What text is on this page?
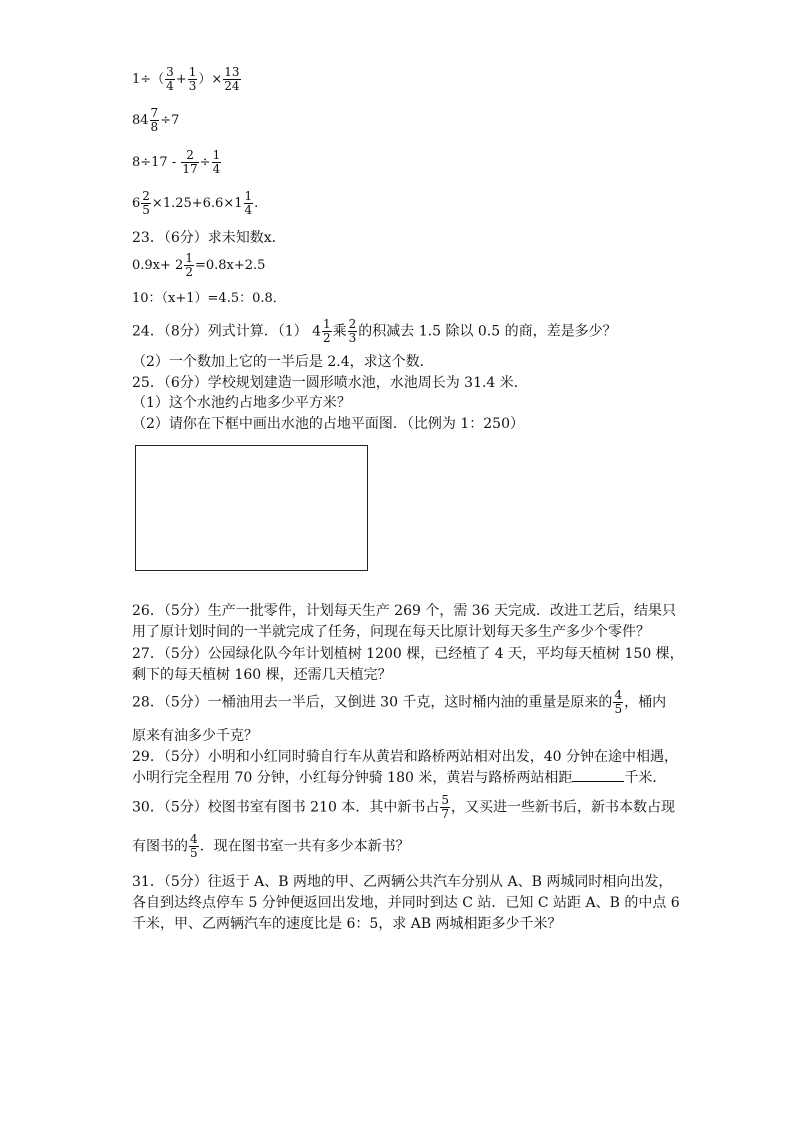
$1\div( \frac{3}{4} + \frac{1}{3}$ ）× $\frac{13}{24}$
$84 \frac{7}{8} \div 7$
$8\div 17 - \frac{2}{17} \div \frac{1}{4}$
$6 \frac{2}{5} \times 1.25+6.6\times 1 \frac{1}{4}$ .
23．（6分）求未知数x．
$0.9x+ 2 \frac{1}{2} =0.8x+2.5$
10：（x+1）=4.5：0.8．
24．（8分）列式计算．（1） $4 \frac{1}{2}$ 乘 $\frac{2}{3}$ 的积减去 1.5 除以 0.5 的商，差是多少？
（2）一个数加上它的一半后是 2.4，求这个数．
25．（6分）学校规划建造一圆形喷水池，水池周长为 31.4 米．
（1）这个水池约占地多少平方米？
（2）请你在下框中画出水池的占地平面图．（比例为 1：250）
26．（5分）生产一批零件，计划每天生产 269 个，需 36 天完成．改进工艺后，结果只
用了原计划时间的一半就完成了任务，问现在每天比原计划每天多生产多少个零件？
27．（5分）公园绿化队今年计划植树 1200 棵，已经植了 4 天，平均每天植树 150 棵，
剩下的每天植树 160 棵，还需几天植完？
28．（5分）一桶油用去一半后，又倒进 30 千克，这时桶内油的重量是原来的 $\frac{4}{5}$ ，桶内
原来有油多少千克？
29．（5分）小明和小红同时骑自行车从黄岩和路桥两站相对出发，40 分钟在途中相遇，
小明行完全程用 70 分钟，小红每分钟骑 180 米，黄岩与路桥两站相距	千米．
30．（5分）校图书室有图书 210 本．其中新书占 $\frac{5}{7}$ ，又买进一些新书后，新书本数占现
有图书的 $\frac{4}{5}$ ．现在图书室一共有多少本新书？
31．（5分）往返于 A、B 两地的甲、乙两辆公共汽车分别从 A、B 两城同时相向出发，
各自到达终点停车 5 分钟便返回出发地，并同时到达 C 站．已知 C 站距 A、B 的中点 6
千米，甲、乙两辆汽车的速度比是 6：5，求 AB 两城相距多少千米？
